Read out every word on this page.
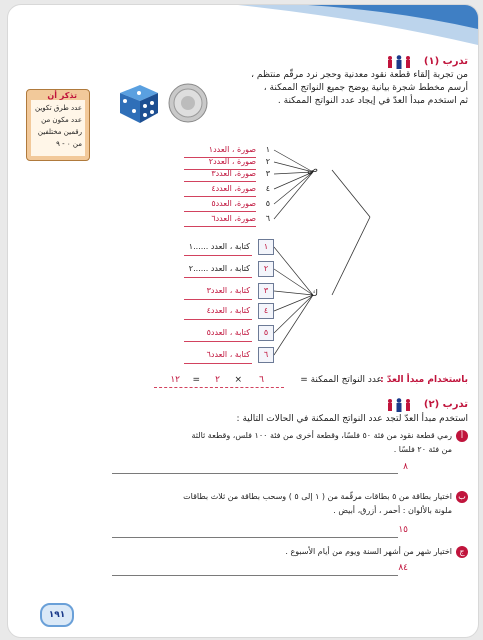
تدرب (١)
من تجربة إلقاء قطعة نقود معدنية وحجر نرد مرقّم منتظم ،
أرسم مخطط شجرة بيانية يوضح جميع النواتج الممكنة ،
ثم استخدم مبدأ العدّ في إيجاد عدد النواتج الممكنة .
تذكر أن
عدد طرق تكوين
عدد مكون من
رقمين مختلفين
من ٠ - ٩
ص
ك
١
صورة ، العدد١
٢
صورة ، العدد٢
٣
صورة، العدد٣
٤
صورة، العدد٤
٥
صورة، العدد٥
٦
صورة، العدد٦
١
كتابة ، العدد ......١
٢
كتابة ، العدد ......٢
٣
كتابة ، العدد٣
٤
كتابة ، العدد٤
٥
كتابة ، العدد٥
٦
كتابة ، العدد٦
باستخدام مبدأ العدّ :
عدد النواتج الممكنة =
٦
×
٢
=
١٢
تدرب (٢)
استخدم مبدأ العدّ لتجد عدد النواتج الممكنة في الحالات التالية :
أ
رمي قطعة نقود من فئة ٥٠ فلسًا، وقطعة أخرى من فئة ١٠٠ فلس، وقطعة ثالثة
من فئة ٢٠ فلسًا .
٨
ب
اختيار بطاقة من ٥ بطاقات مرقّمة من ( ١ إلى ٥ ) وسحب بطاقة من ثلاث بطاقات
ملونة بالألوان : أحمر ، أزرق، أبيض .
١٥
ج
اختيار شهر من أشهر السنة ويوم من أيام الأسبوع .
٨٤
١٩١
